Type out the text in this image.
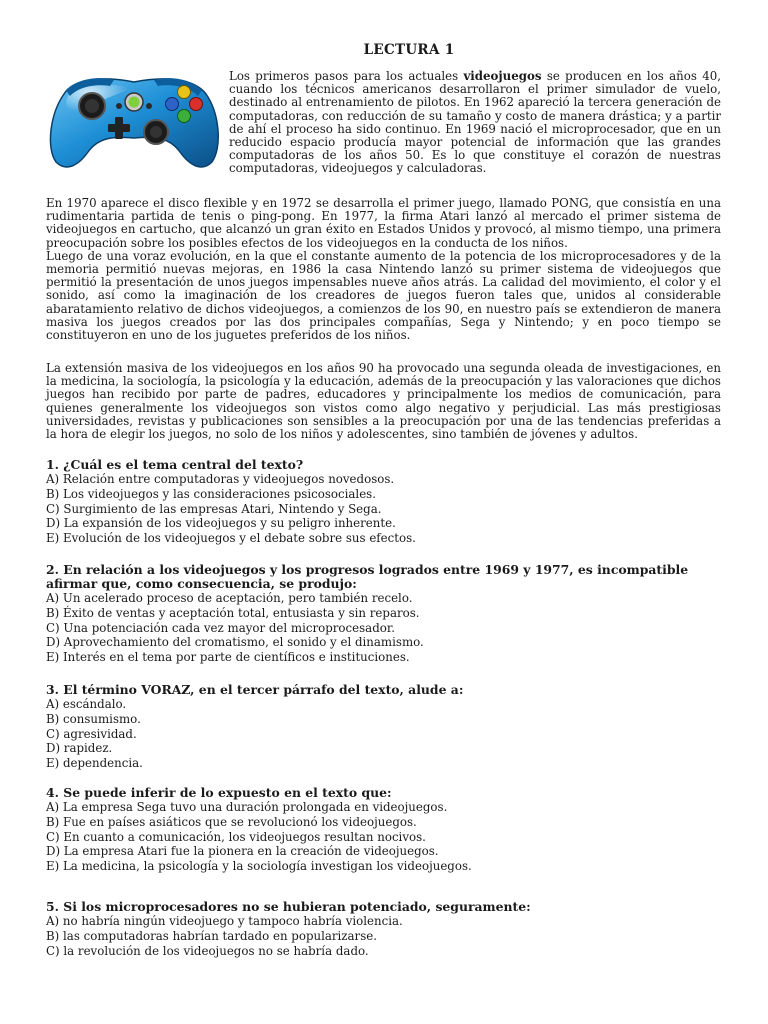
LECTURA 1
Los primeros pasos para los actuales videojuegos se producen en los años 40, cuando los técnicos americanos desarrollaron el primer simulador de vuelo, destinado al entrenamiento de pilotos. En 1962 apareció la tercera generación de computadoras, con reducción de su tamaño y costo de manera drástica; y a partir de ahí el proceso ha sido continuo. En 1969 nació el microprocesador, que en un reducido espacio producía mayor potencial de información que las grandes computadoras de los años 50. Es lo que constituye el corazón de nuestras computadoras, videojuegos y calculadoras.

En 1970 aparece el disco flexible y en 1972 se desarrolla el primer juego, llamado PONG, que consistía en una rudimentaria partida de tenis o ping-pong. En 1977, la firma Atari lanzó al mercado el primer sistema de videojuegos en cartucho, que alcanzó un gran éxito en Estados Unidos y provocó, al mismo tiempo, una primera preocupación sobre los posibles efectos de los videojuegos en la conducta de los niños.

Luego de una voraz evolución, en la que el constante aumento de la potencia de los microprocesadores y de la memoria permitió nuevas mejoras, en 1986 la casa Nintendo lanzó su primer sistema de videojuegos que permitió la presentación de unos juegos impensables nueve años atrás. La calidad del movimiento, el color y el sonido, así como la imaginación de los creadores de juegos fueron tales que, unidos al considerable abaratamiento relativo de dichos videojuegos, a comienzos de los 90, en nuestro país se extendieron de manera masiva los juegos creados por las dos principales compañías, Sega y Nintendo; y en poco tiempo se constituyeron en uno de los juguetes preferidos de los niños.

La extensión masiva de los videojuegos en los años 90 ha provocado una segunda oleada de investigaciones, en la medicina, la sociología, la psicología y la educación, además de la preocupación y las valoraciones que dichos juegos han recibido por parte de padres, educadores y principalmente los medios de comunicación, para quienes generalmente los videojuegos son vistos como algo negativo y perjudicial. Las más prestigiosas universidades, revistas y publicaciones son sensibles a la preocupación por una de las tendencias preferidas a la hora de elegir los juegos, no solo de los niños y adolescentes, sino también de jóvenes y adultos.

1. ¿Cuál es el tema central del texto?
A) Relación entre computadoras y videojuegos novedosos.
B) Los videojuegos y las consideraciones psicosociales.
C) Surgimiento de las empresas Atari, Nintendo y Sega.
D) La expansión de los videojuegos y su peligro inherente.
E) Evolución de los videojuegos y el debate sobre sus efectos.
2. En relación a los videojuegos y los progresos logrados entre 1969 y 1977, es incompatible afirmar que, como consecuencia, se produjo:
A) Un acelerado proceso de aceptación, pero también recelo.
B) Éxito de ventas y aceptación total, entusiasta y sin reparos.
C) Una potenciación cada vez mayor del microprocesador.
D) Aprovechamiento del cromatismo, el sonido y el dinamismo.
E) Interés en el tema por parte de científicos e instituciones.
3. El término VORAZ, en el tercer párrafo del texto, alude a:
A) escándalo.
B) consumismo.
C) agresividad.
D) rapidez.
E) dependencia.
4. Se puede inferir de lo expuesto en el texto que:
A) La empresa Sega tuvo una duración prolongada en videojuegos.
B) Fue en países asiáticos que se revolucionó los videojuegos.
C) En cuanto a comunicación, los videojuegos resultan nocivos.
D) La empresa Atari fue la pionera en la creación de videojuegos.
E) La medicina, la psicología y la sociología investigan los videojuegos.
5. Si los microprocesadores no se hubieran potenciado, seguramente:
A) no habría ningún videojuego y tampoco habría violencia.
B) las computadoras habrían tardado en popularizarse.
C) la revolución de los videojuegos no se habría dado.
